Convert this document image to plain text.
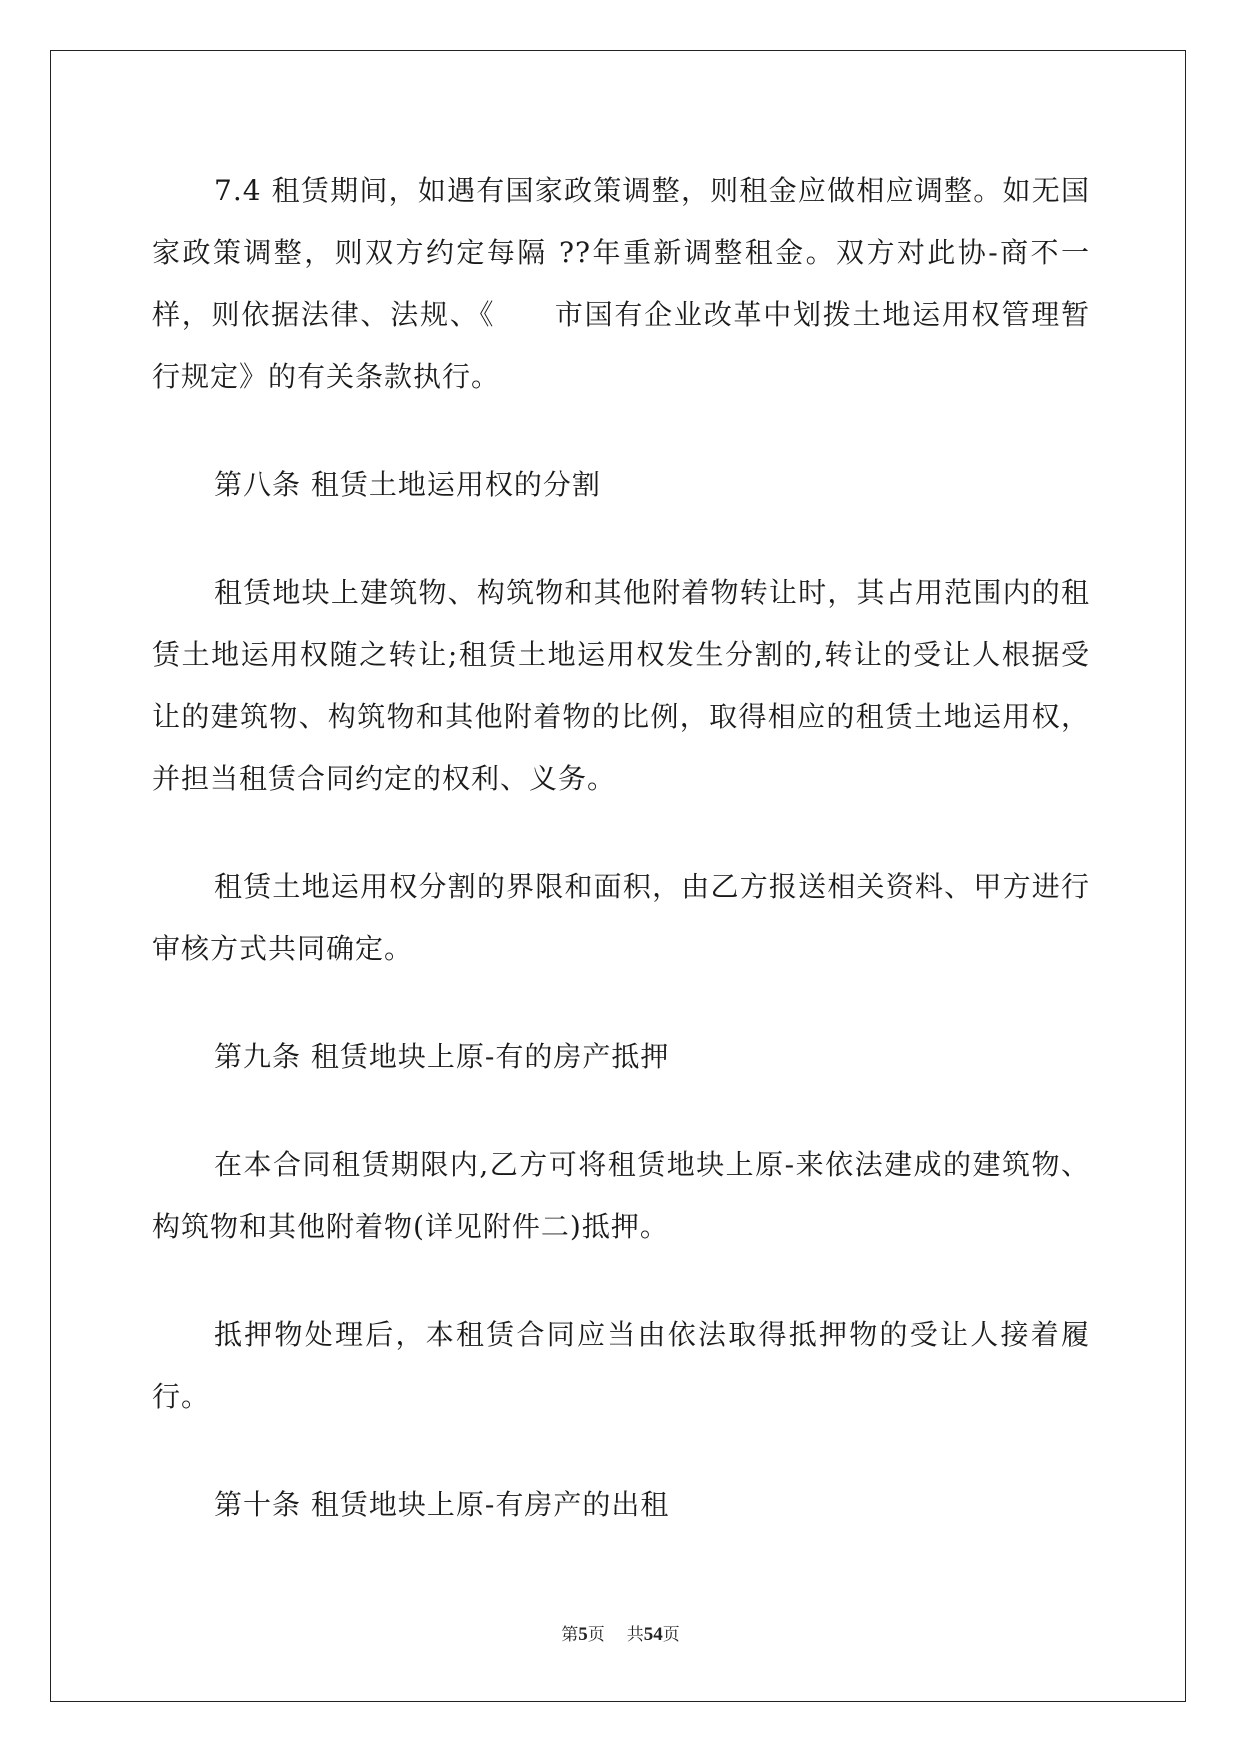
7.4 租赁期间，如遇有国家政策调整，则租金应做相应调整。如无国家政策调整，则双方约定每隔 ??年重新调整租金。双方对此协-商不一样，则依据法律、法规、《　　市国有企业改革中划拨土地运用权管理暂行规定》的有关条款执行。

第八条 租赁土地运用权的分割

租赁地块上建筑物、构筑物和其他附着物转让时，其占用范围内的租赁土地运用权随之转让;租赁土地运用权发生分割的,转让的受让人根据受让的建筑物、构筑物和其他附着物的比例，取得相应的租赁土地运用权，并担当租赁合同约定的权利、义务。

租赁土地运用权分割的界限和面积，由乙方报送相关资料、甲方进行审核方式共同确定。

第九条 租赁地块上原-有的房产抵押

在本合同租赁期限内,乙方可将租赁地块上原-来依法建成的建筑物、构筑物和其他附着物(详见附件二)抵押。

抵押物处理后，本租赁合同应当由依法取得抵押物的受让人接着履行。

第十条 租赁地块上原-有房产的出租
第5页 共54页
